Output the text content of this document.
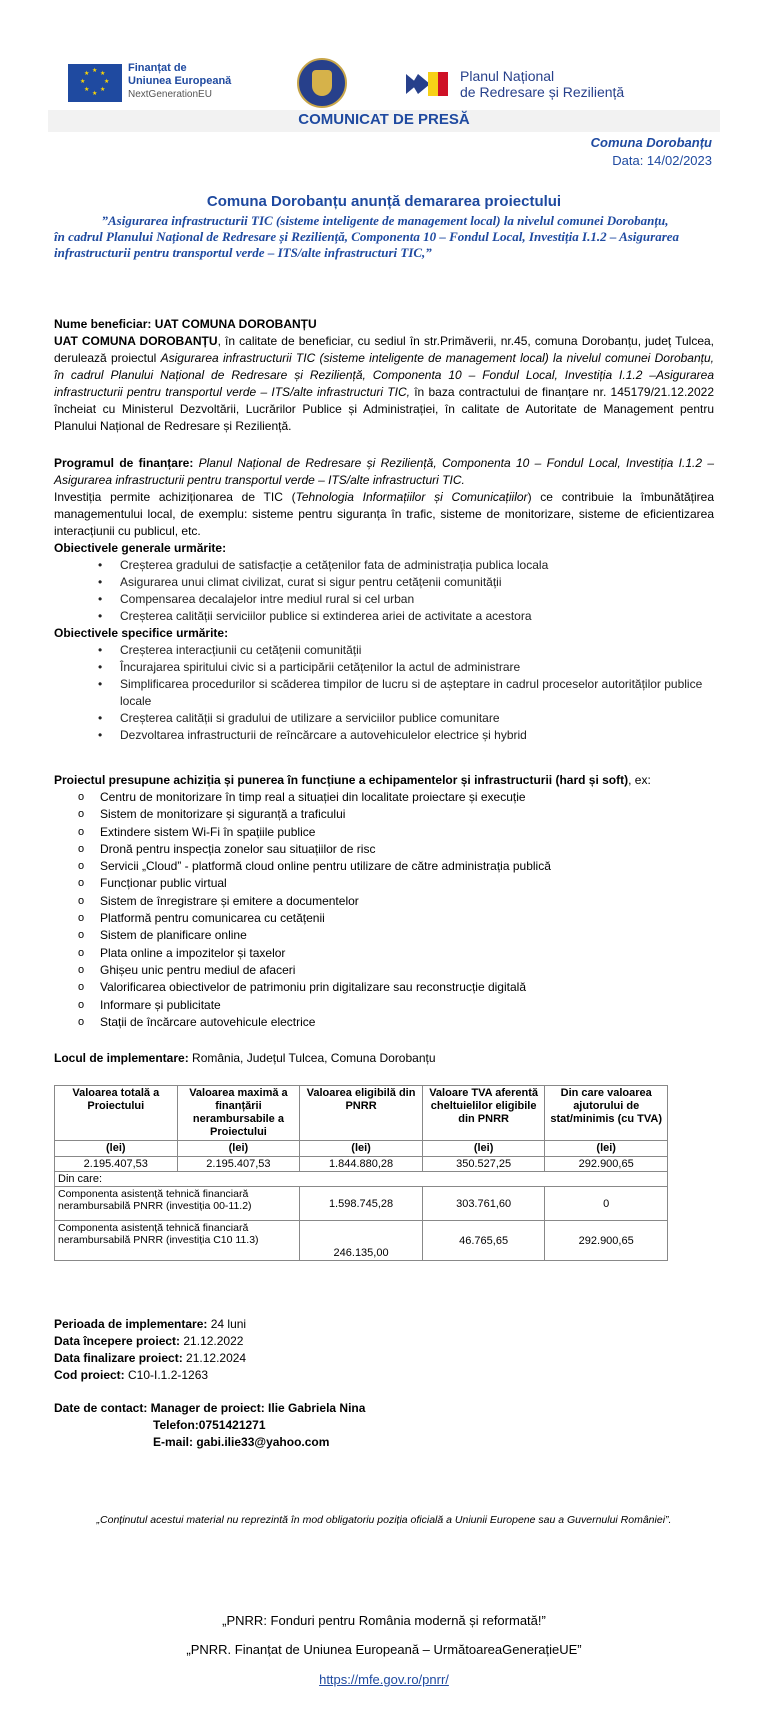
★ ★
★
★
★
★
★
★	Finanțat de
Uniunea Europeană
NextGenerationEU
Planul Național
de Redresare și Reziliență
COMUNICAT DE PRESĂ
Comuna Dorobanțu
Data: 14/02/2023
Comuna Dorobanțu anunță demararea proiectului
”Asigurarea infrastructurii TIC (sisteme inteligente de management local) la nivelul comunei Dorobanțu,
în cadrul Planului Național de Redresare și Reziliență, Componenta 10 – Fondul Local, Investiția I.1.2 – Asigurarea infrastructurii pentru transportul verde – ITS/alte infrastructuri TIC,”
Nume beneficiar: UAT COMUNA DOROBANȚU
UAT COMUNA DOROBANȚU, în calitate de beneficiar, cu sediul în str.Primăverii, nr.45, comuna Dorobanțu, județ Tulcea, derulează proiectul Asigurarea infrastructurii TIC (sisteme inteligente de management local) la nivelul comunei Dorobanțu, în cadrul Planului Național de Redresare și Reziliență, Componenta 10 – Fondul Local, Investiția I.1.2 –Asigurarea infrastructurii pentru transportul verde – ITS/alte infrastructuri TIC, în baza contractului de finanțare nr. 145179/21.12.2022 încheiat cu Ministerul Dezvoltării, Lucrărilor Publice și Administrației, în calitate de Autoritate de Management pentru Planului Național de Redresare și Reziliență.
Programul de finanțare: Planul Național de Redresare și Reziliență, Componenta 10 – Fondul Local, Investiția I.1.2 –Asigurarea infrastructurii pentru transportul verde – ITS/alte infrastructuri TIC.
Investiția permite achiziționarea de TIC (Tehnologia Informațiilor și Comunicațiilor) ce contribuie la îmbunătățirea managementului local, de exemplu: sisteme pentru siguranța în trafic, sisteme de monitorizare, sisteme de eficientizarea interacțiunii cu publicul, etc.
Obiectivele generale urmărite:
• Creșterea gradului de satisfacție a cetățenilor fata de administrația publica locala
• Asigurarea unui climat civilizat, curat si sigur pentru cetățenii comunității
• Compensarea decalajelor intre mediul rural si cel urban
• Creșterea calității serviciilor publice si extinderea ariei de activitate a acestora
Obiectivele specifice urmărite:
• Creșterea interacțiunii cu cetățenii comunității
• Încurajarea spiritului civic si a participării cetățenilor la actul de administrare
• Simplificarea procedurilor si scăderea timpilor de lucru si de așteptare in cadrul proceselor autorităților publice locale
• Creșterea calității si gradului de utilizare a serviciilor publice comunitare
• Dezvoltarea infrastructurii de reîncărcare a autovehiculelor electrice și hybrid
Proiectul presupune achiziția și punerea în funcțiune a echipamentelor și infrastructurii (hard și soft), ex:
o Centru de monitorizare în timp real a situației din localitate proiectare și execuție
o Sistem de monitorizare și siguranță a traficului
o Extindere sistem Wi-Fi în spațiile publice
o Dronă pentru inspecția zonelor sau situațiilor de risc
o Servicii „Cloud” - platformă cloud online pentru utilizare de către administrația publică
o Funcționar public virtual
o Sistem de înregistrare și emitere a documentelor
o Platformă pentru comunicarea cu cetățenii
o Sistem de planificare online
o Plata online a impozitelor și taxelor
o Ghișeu unic pentru mediul de afaceri
o Valorificarea obiectivelor de patrimoniu prin digitalizare sau reconstrucție digitală
o Informare și publicitate
o Stații de încărcare autovehicule electrice
Locul de implementare: România, Județul Tulcea, Comuna Dorobanțu
Valoarea totală a Proiectului	Valoarea maximă a finanțării nerambursabile a Proiectului	Valoarea eligibilă din PNRR	Valoare TVA aferentă cheltuielilor eligibile din PNRR	Din care valoarea ajutorului de stat/minimis (cu TVA)
(lei)	(lei)	(lei)	(lei)	(lei)
2.195.407,53	2.195.407,53	1.844.880,28	350.527,25	292.900,65
Din care:				
Componenta asistență tehnică financiară nerambursabilă PNRR (investiția 00-11.2)		1.598.745,28	303.761,60	0
Componenta asistență tehnică financiară nerambursabilă PNRR (investiția C10 11.3)		246.135,00	46.765,65	292.900,65
Perioada de implementare: 24 luni
Data începere proiect: 21.12.2022
Data finalizare proiect: 21.12.2024
Cod proiect: C10-I.1.2-1263
Date de contact: Manager de proiect: Ilie Gabriela Nina
Telefon:0751421271
E-mail: gabi.ilie33@yahoo.com
„Conținutul acestui material nu reprezintă în mod obligatoriu poziția oficială a Uniunii Europene sau a Guvernului României”.
„PNRR: Fonduri pentru România modernă și reformată!”
„PNRR. Finanțat de Uniunea Europeană – UrmătoareaGenerațieUE”
https://mfe.gov.ro/pnrr/
